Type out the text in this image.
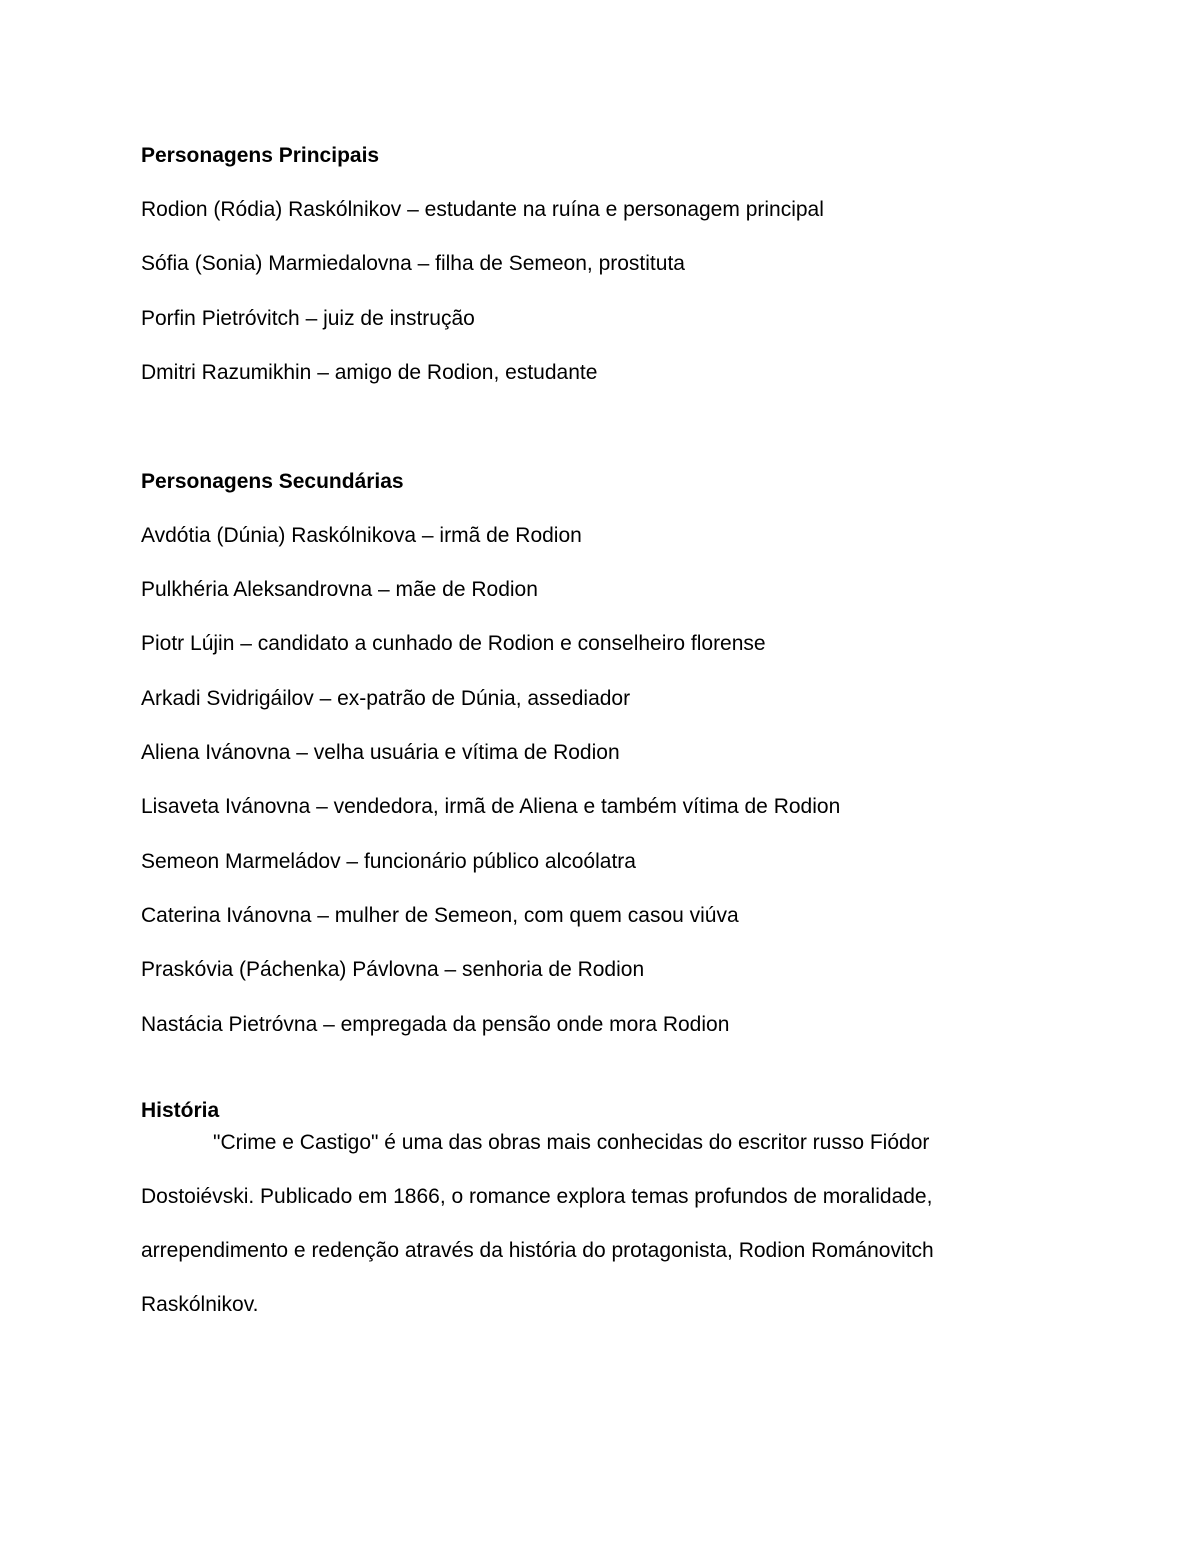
Personagens Principais

Rodion (Ródia) Raskólnikov – estudante na ruína e personagem principal

Sófia (Sonia) Marmiedalovna – filha de Semeon, prostituta

Porfin Pietróvitch – juiz de instrução

Dmitri Razumikhin – amigo de Rodion, estudante

Personagens Secundárias

Avdótia (Dúnia) Raskólnikova – irmã de Rodion

Pulkhéria Aleksandrovna – mãe de Rodion

Piotr Lújin – candidato a cunhado de Rodion e conselheiro florense

Arkadi Svidrigáilov – ex-patrão de Dúnia, assediador

Aliena Ivánovna – velha usuária e vítima de Rodion

Lisaveta Ivánovna – vendedora, irmã de Aliena e também vítima de Rodion

Semeon Marmeládov – funcionário público alcoólatra

Caterina Ivánovna – mulher de Semeon, com quem casou viúva

Praskóvia (Páchenka) Pávlovna – senhoria de Rodion

Nastácia Pietróvna – empregada da pensão onde mora Rodion

História

"Crime e Castigo" é uma das obras mais conhecidas do escritor russo Fiódor Dostoiévski. Publicado em 1866, o romance explora temas profundos de moralidade, arrependimento e redenção através da história do protagonista, Rodion Románovitch Raskólnikov.
